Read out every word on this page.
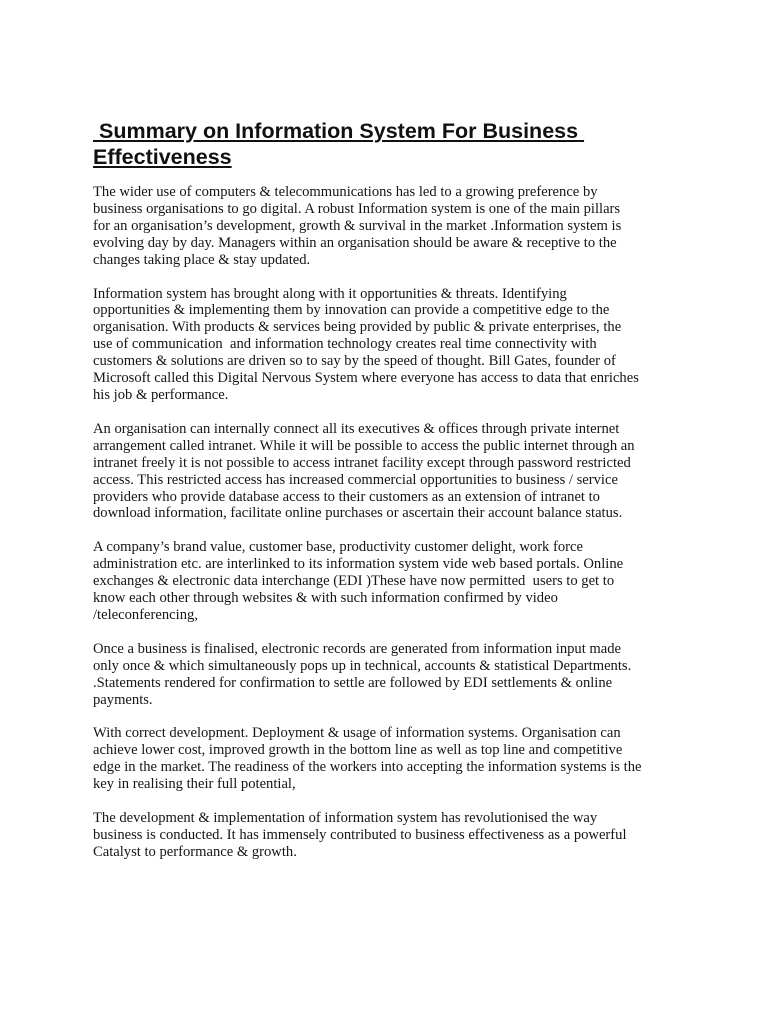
Summary on Information System For Business Effectiveness

The wider use of computers & telecommunications has led to a growing preference by
business organisations to go digital. A robust Information system is one of the main pillars
for an organisation’s development, growth & survival in the market .Information system is
evolving day by day. Managers within an organisation should be aware & receptive to the
changes taking place & stay updated.

Information system has brought along with it opportunities & threats. Identifying
opportunities & implementing them by innovation can provide a competitive edge to the
organisation. With products & services being provided by public & private enterprises, the
use of communication  and information technology creates real time connectivity with
customers & solutions are driven so to say by the speed of thought. Bill Gates, founder of
Microsoft called this Digital Nervous System where everyone has access to data that enriches
his job & performance.

An organisation can internally connect all its executives & offices through private internet
arrangement called intranet. While it will be possible to access the public internet through an
intranet freely it is not possible to access intranet facility except through password restricted
access. This restricted access has increased commercial opportunities to business / service
providers who provide database access to their customers as an extension of intranet to
download information, facilitate online purchases or ascertain their account balance status.

A company’s brand value, customer base, productivity customer delight, work force
administration etc. are interlinked to its information system vide web based portals. Online
exchanges & electronic data interchange (EDI )These have now permitted  users to get to
know each other through websites & with such information confirmed by video
/teleconferencing,

Once a business is finalised, electronic records are generated from information input made
only once & which simultaneously pops up in technical, accounts & statistical Departments.
.Statements rendered for confirmation to settle are followed by EDI settlements & online
payments.

With correct development. Deployment & usage of information systems. Organisation can
achieve lower cost, improved growth in the bottom line as well as top line and competitive
edge in the market. The readiness of the workers into accepting the information systems is the
key in realising their full potential,

The development & implementation of information system has revolutionised the way
business is conducted. It has immensely contributed to business effectiveness as a powerful
Catalyst to performance & growth.
